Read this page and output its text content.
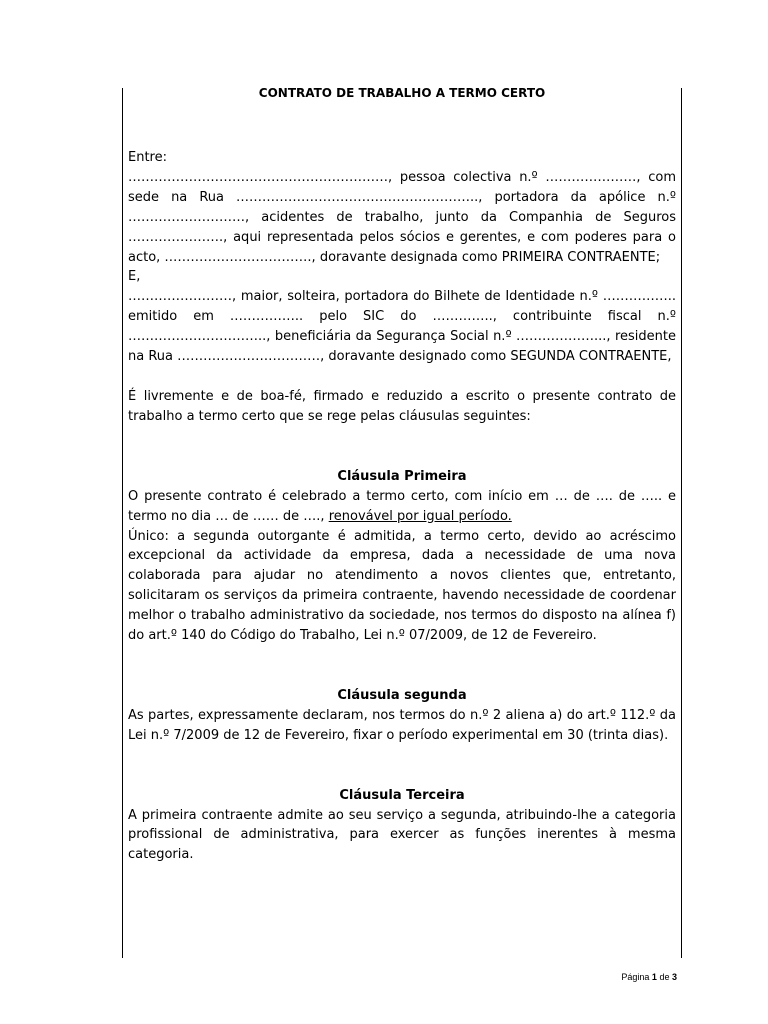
CONTRATO DE TRABALHO A TERMO CERTO

Entre:

……………………………………………………, pessoa colectiva n.º …………………, com sede na Rua ……………………………………………….., portadora da apólice n.º ………………………, acidentes de trabalho, junto da Companhia de Seguros …………………., aqui representada pelos sócios e gerentes, e com poderes para o acto, ……………………………., doravante designada como PRIMEIRA CONTRAENTE;

E,

……………………, maior, solteira, portadora do Bilhete de Identidade n.º …………….. emitido em …………….. pelo SIC do ………….., contribuinte fiscal n.º ………………………….., beneficiária da Segurança Social n.º ………………..., residente na Rua ……………………………, doravante designado como SEGUNDA CONTRAENTE,

É livremente e de boa-fé, firmado e reduzido a escrito o presente contrato de trabalho a termo certo que se rege pelas cláusulas seguintes:

Cláusula Primeira

O presente contrato é celebrado a termo certo, com início em … de …. de ….. e termo no dia … de …… de …., renovável por igual período.

Único: a segunda outorgante é admitida, a termo certo, devido ao acréscimo excepcional da actividade da empresa, dada a necessidade de uma nova colaborada para ajudar no atendimento a novos clientes que, entretanto, solicitaram os serviços da primeira contraente, havendo necessidade de coordenar melhor o trabalho administrativo da sociedade, nos termos do disposto na alínea f) do art.º 140 do Código do Trabalho, Lei n.º 07/2009, de 12 de Fevereiro.

Cláusula segunda

As partes, expressamente declaram, nos termos do n.º 2 aliena a) do art.º 112.º da Lei n.º 7/2009 de 12 de Fevereiro, fixar o período experimental em 30 (trinta dias).

Cláusula Terceira

A primeira contraente admite ao seu serviço a segunda, atribuindo-lhe a categoria profissional de administrativa, para exercer as funções inerentes à mesma categoria.

Página 1 de 3
